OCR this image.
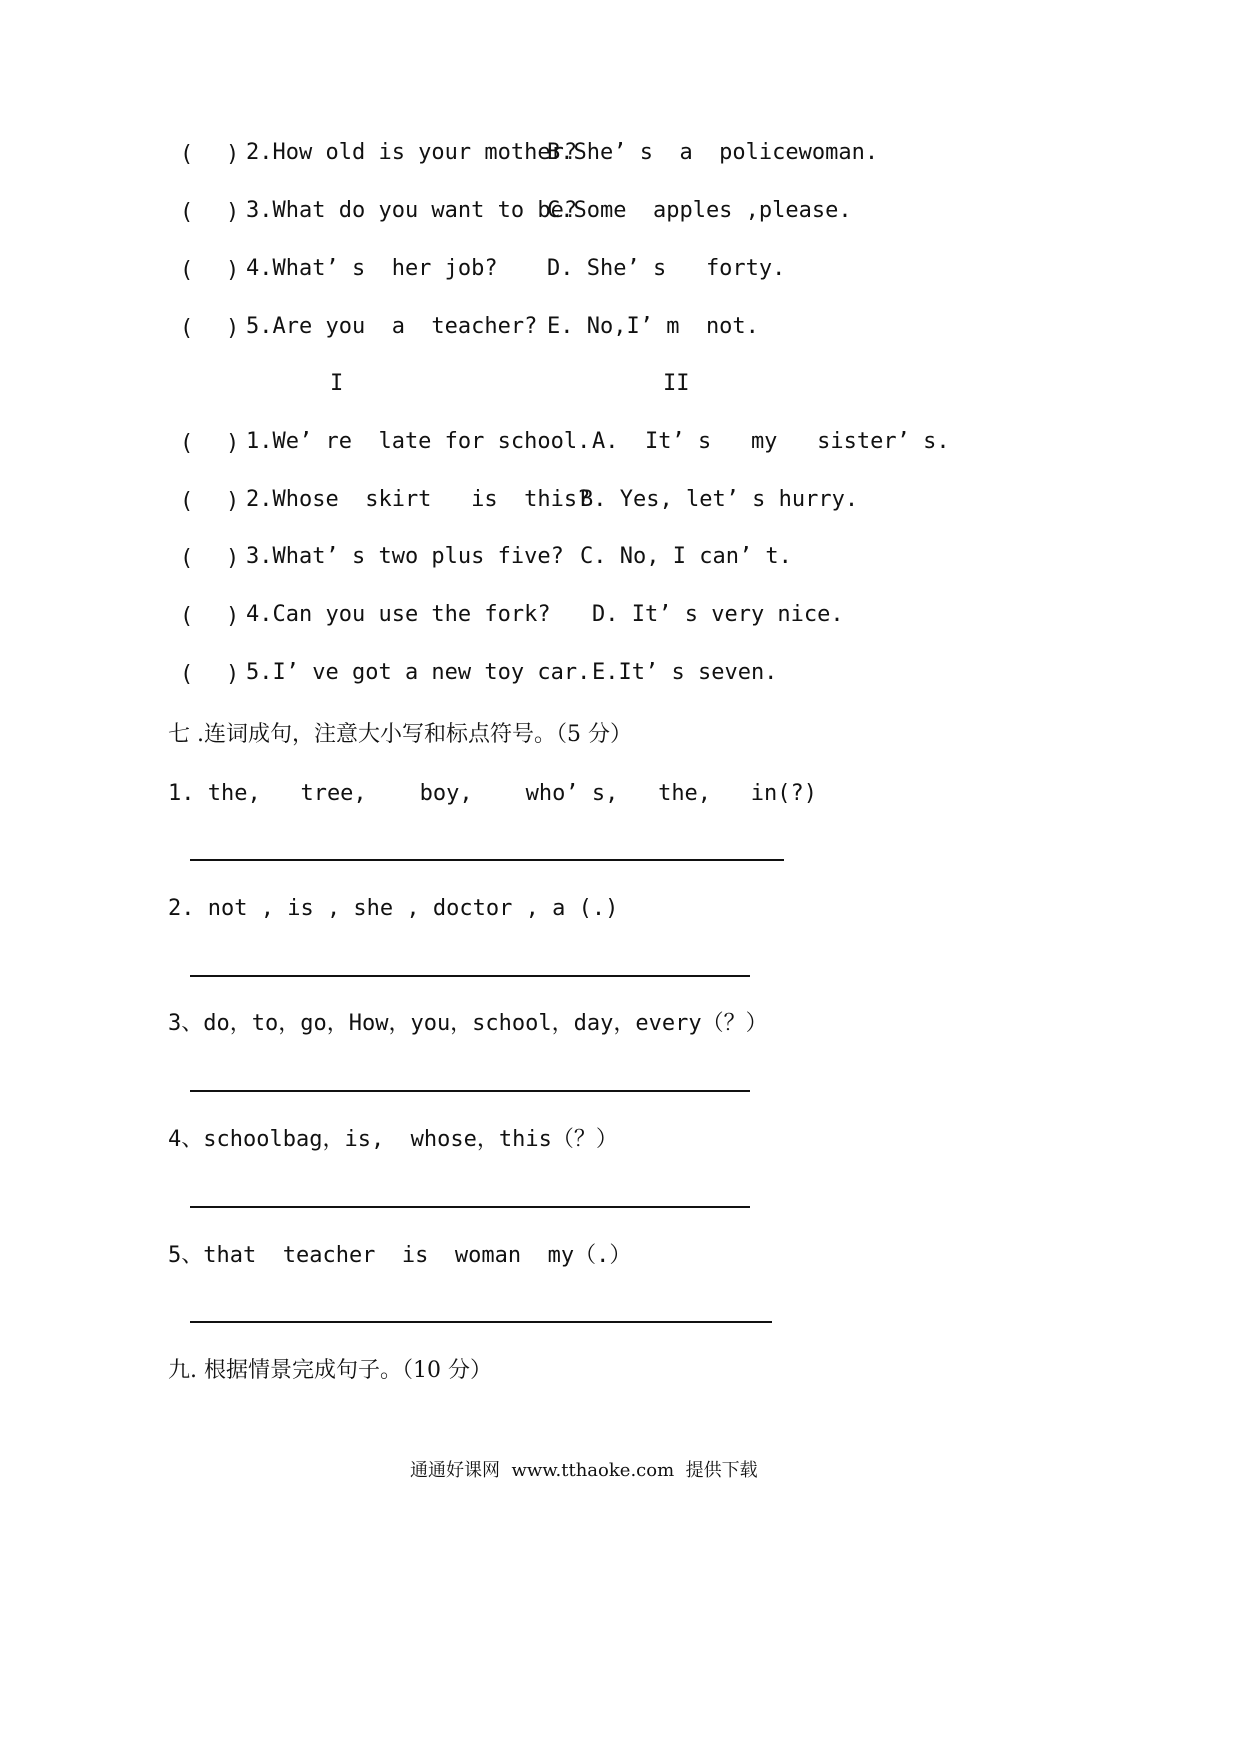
( ) 2.How old is your mother?
B.She’ s  a  policewoman.
( ) 3.What do you want to be?
C.Some  apples ,please.
( ) 4.What’ s  her job? D. She’ s   forty.
( ) 5.Are you  a  teacher? E. No,I’ m  not.
I	II
( ) 1.We’ re  late for school. A.  It’ s   my   sister’ s.
( ) 2.Whose  skirt   is  this?
B. Yes, let’ s hurry.
( ) 3.What’ s two plus five? C. No, I can’ t.
( ) 4.Can you use the fork? D. It’ s very nice.
( ) 5.I’ ve got a new toy car. E.It’ s seven.
七 .连词成句，注意大小写和标点符号。（5 分）
1. the,   tree,    boy,    who’ s,   the,   in(?)
2. not , is , she , doctor , a (.)
3、do，to，go，How，you，school，day，every（？）
4、schoolbag，is,  whose，this（？）
5、that  teacher  is  woman  my（.）
九. 根据情景完成句子。（10 分）
通通好课网  www.tthaoke.com  提供下载
